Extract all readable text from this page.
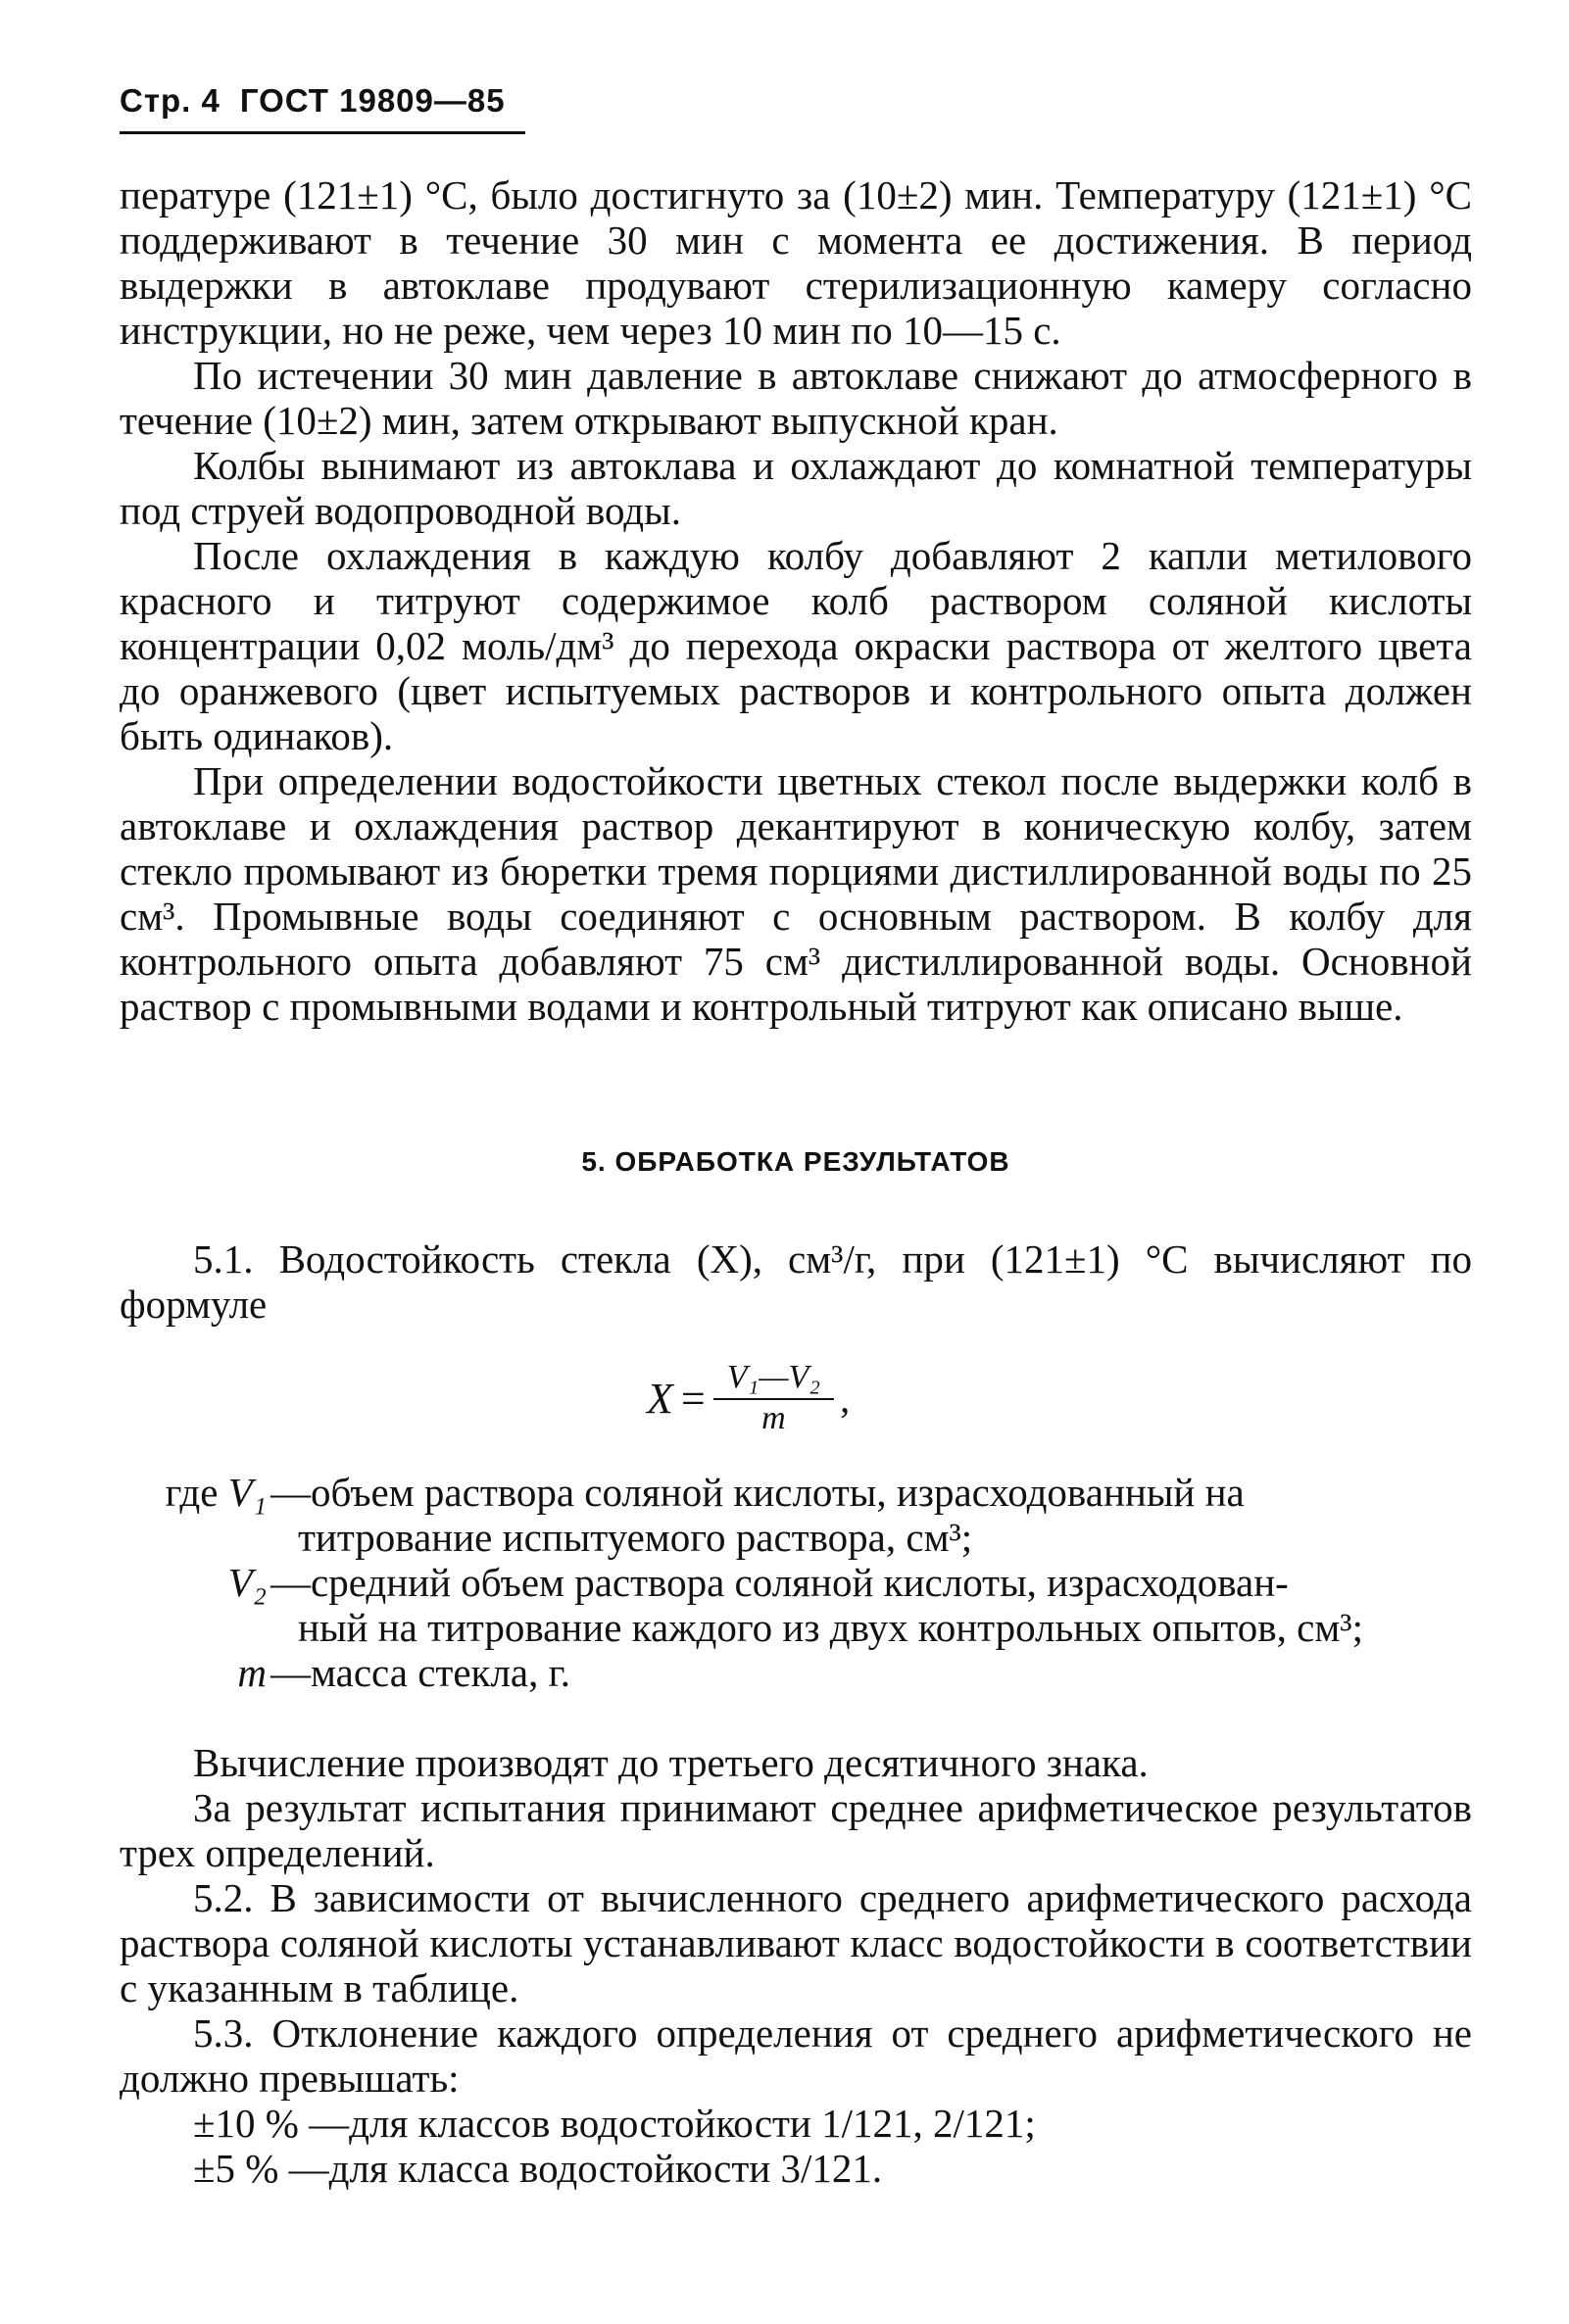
Стр. 4 ГОСТ 19809—85

пературе (121±1) °С, было достигнуто за (10±2) мин. Температуру (121±1) °С поддерживают в течение 30 мин с момента ее достижения. В период выдержки в автоклаве продувают стерилизационную камеру согласно инструкции, но не реже, чем через 10 мин по 10—15 с.

По истечении 30 мин давление в автоклаве снижают до атмосферного в течение (10±2) мин, затем открывают выпускной кран.

Колбы вынимают из автоклава и охлаждают до комнатной температуры под струей водопроводной воды.

После охлаждения в каждую колбу добавляют 2 капли метилового красного и титруют содержимое колб раствором соляной кислоты концентрации 0,02 моль/дм³ до перехода окраски раствора от желтого цвета до оранжевого (цвет испытуемых растворов и контрольного опыта должен быть одинаков).

При определении водостойкости цветных стекол после выдержки колб в автоклаве и охлаждения раствор декантируют в коническую колбу, затем стекло промывают из бюретки тремя порциями дистиллированной воды по 25 см³. Промывные воды соединяют с основным раствором. В колбу для контрольного опыта добавляют 75 см³ дистиллированной воды. Основной раствор с промывными водами и контрольный титруют как описано выше.

5. ОБРАБОТКА РЕЗУЛЬТАТОВ

5.1. Водостойкость стекла (X), см³/г, при (121±1) °С вычисляют по формуле

$X = \frac{\text{V₁—V₂}}{m}$ ,
где V₁ —объем раствора соляной кислоты, израсходованный на
титрование испытуемого раствора, см³;
V₂ —средний объем раствора соляной кислоты, израсходован-
ный на титрование каждого из двух контрольных опытов, см³;
m —масса стекла, г.

Вычисление производят до третьего десятичного знака.

За результат испытания принимают среднее арифметическое результатов трех определений.

5.2. В зависимости от вычисленного среднего арифметического расхода раствора соляной кислоты устанавливают класс водостойкости в соответствии с указанным в таблице.

5.3. Отклонение каждого определения от среднего арифметического не должно превышать:

±10 % —для классов водостойкости 1/121, 2/121;

±5 % —для класса водостойкости 3/121.
